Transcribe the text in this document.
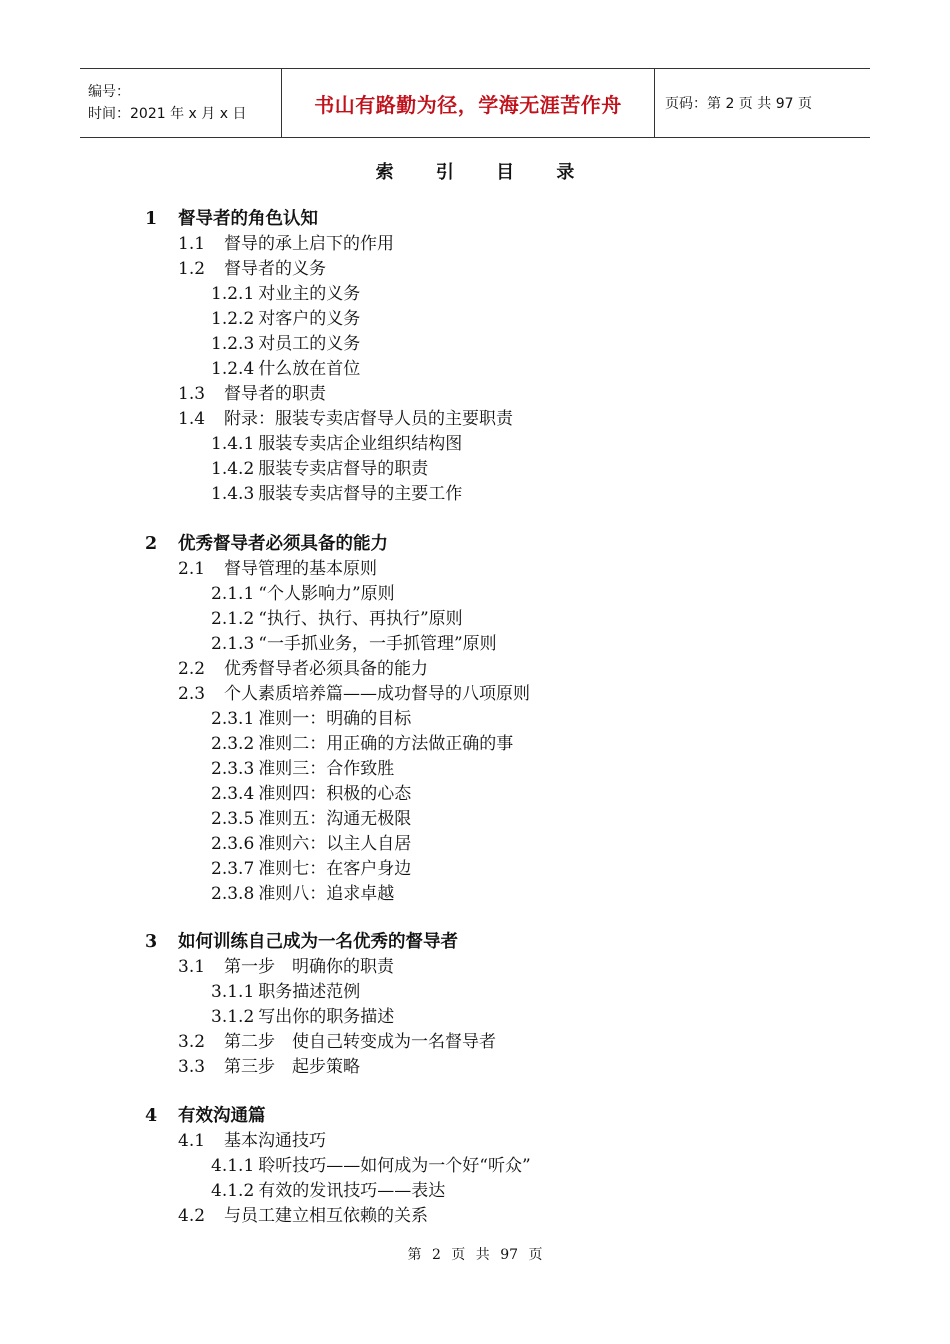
编号：
时间：2021 年 x 月 x 日	书山有路勤为径，学海无涯苦作舟	页码：第 2 页 共 97 页
索 引 目 录
1 督导者的角色认知
1.1 督导的承上启下的作用
1.2 督导者的义务
1.2.1 对业主的义务
1.2.2 对客户的义务
1.2.3 对员工的义务
1.2.4 什么放在首位
1.3 督导者的职责
1.4 附录：服装专卖店督导人员的主要职责
1.4.1 服装专卖店企业组织结构图
1.4.2 服装专卖店督导的职责
1.4.3 服装专卖店督导的主要工作
2 优秀督导者必须具备的能力
2.1 督导管理的基本原则
2.1.1 “个人影响力”原则
2.1.2 “执行、执行、再执行”原则
2.1.3 “一手抓业务，一手抓管理”原则
2.2 优秀督导者必须具备的能力
2.3 个人素质培养篇——成功督导的八项原则
2.3.1 准则一：明确的目标
2.3.2 准则二：用正确的方法做正确的事
2.3.3 准则三：合作致胜
2.3.4 准则四：积极的心态
2.3.5 准则五：沟通无极限
2.3.6 准则六：以主人自居
2.3.7 准则七：在客户身边
2.3.8 准则八：追求卓越
3 如何训练自己成为一名优秀的督导者
3.1 第一步　明确你的职责
3.1.1 职务描述范例
3.1.2 写出你的职务描述
3.2 第二步　使自己转变成为一名督导者
3.3 第三步　起步策略
4 有效沟通篇
4.1 基本沟通技巧
4.1.1 聆听技巧——如何成为一个好“听众”
4.1.2 有效的发讯技巧——表达
4.2 与员工建立相互依赖的关系
第 2 页 共 97 页
